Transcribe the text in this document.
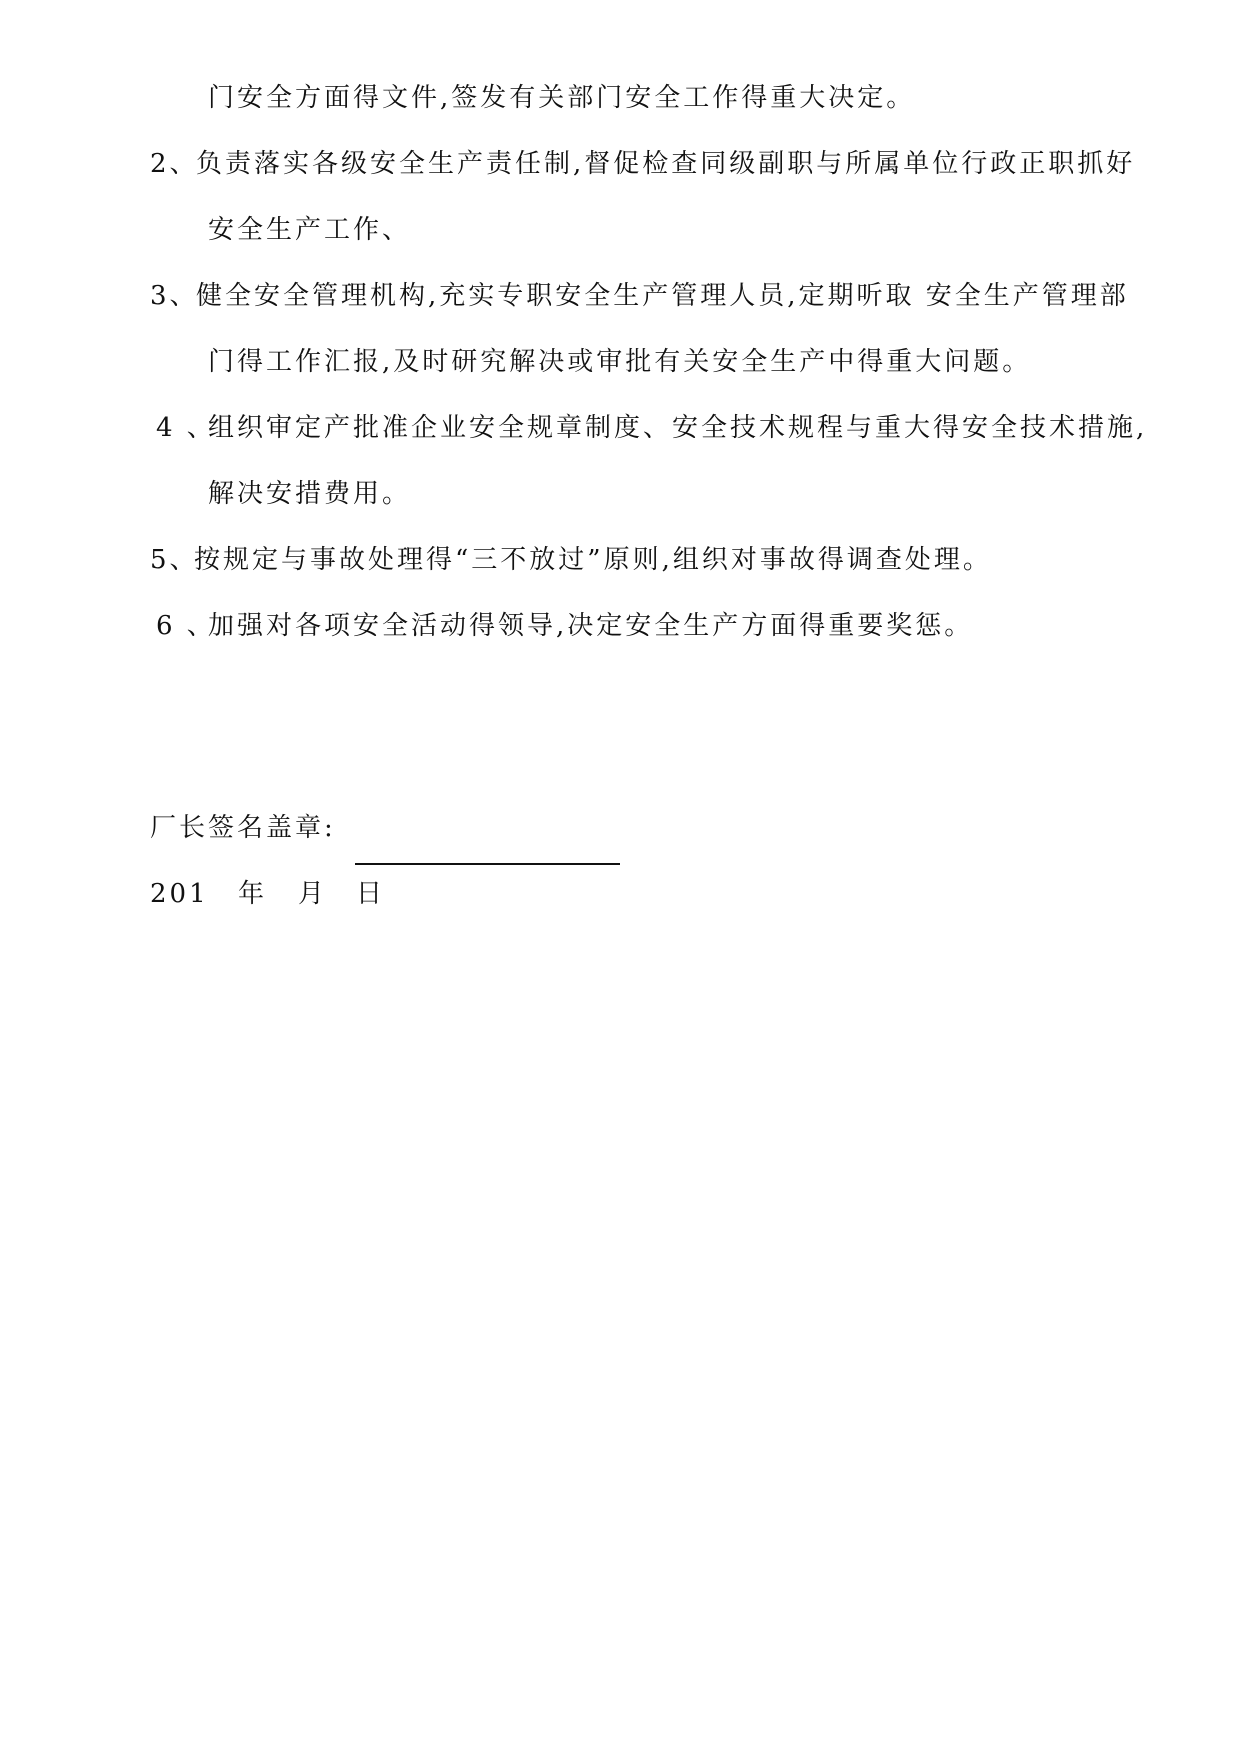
门安全方面得文件,签发有关部门安全工作得重大决定。
2、
负责落实各级安全生产责任制,督促检查同级副职与所属单位行政正职抓好
安全生产工作、
3、
健全安全管理机构,充实专职安全生产管理人员,定期听取 安全生产管理部
门得工作汇报,及时研究解决或审批有关安全生产中得重大问题。
4 、
组织审定产批准企业安全规章制度、安全技术规程与重大得安全技术措施,
解决安措费用。
5、
按规定与事故处理得“三不放过”原则,组织对事故得调查处理。
6 、
加强对各项安全活动得领导,决定安全生产方面得重要奖惩。
厂长签名盖章:
201 年 月 日
